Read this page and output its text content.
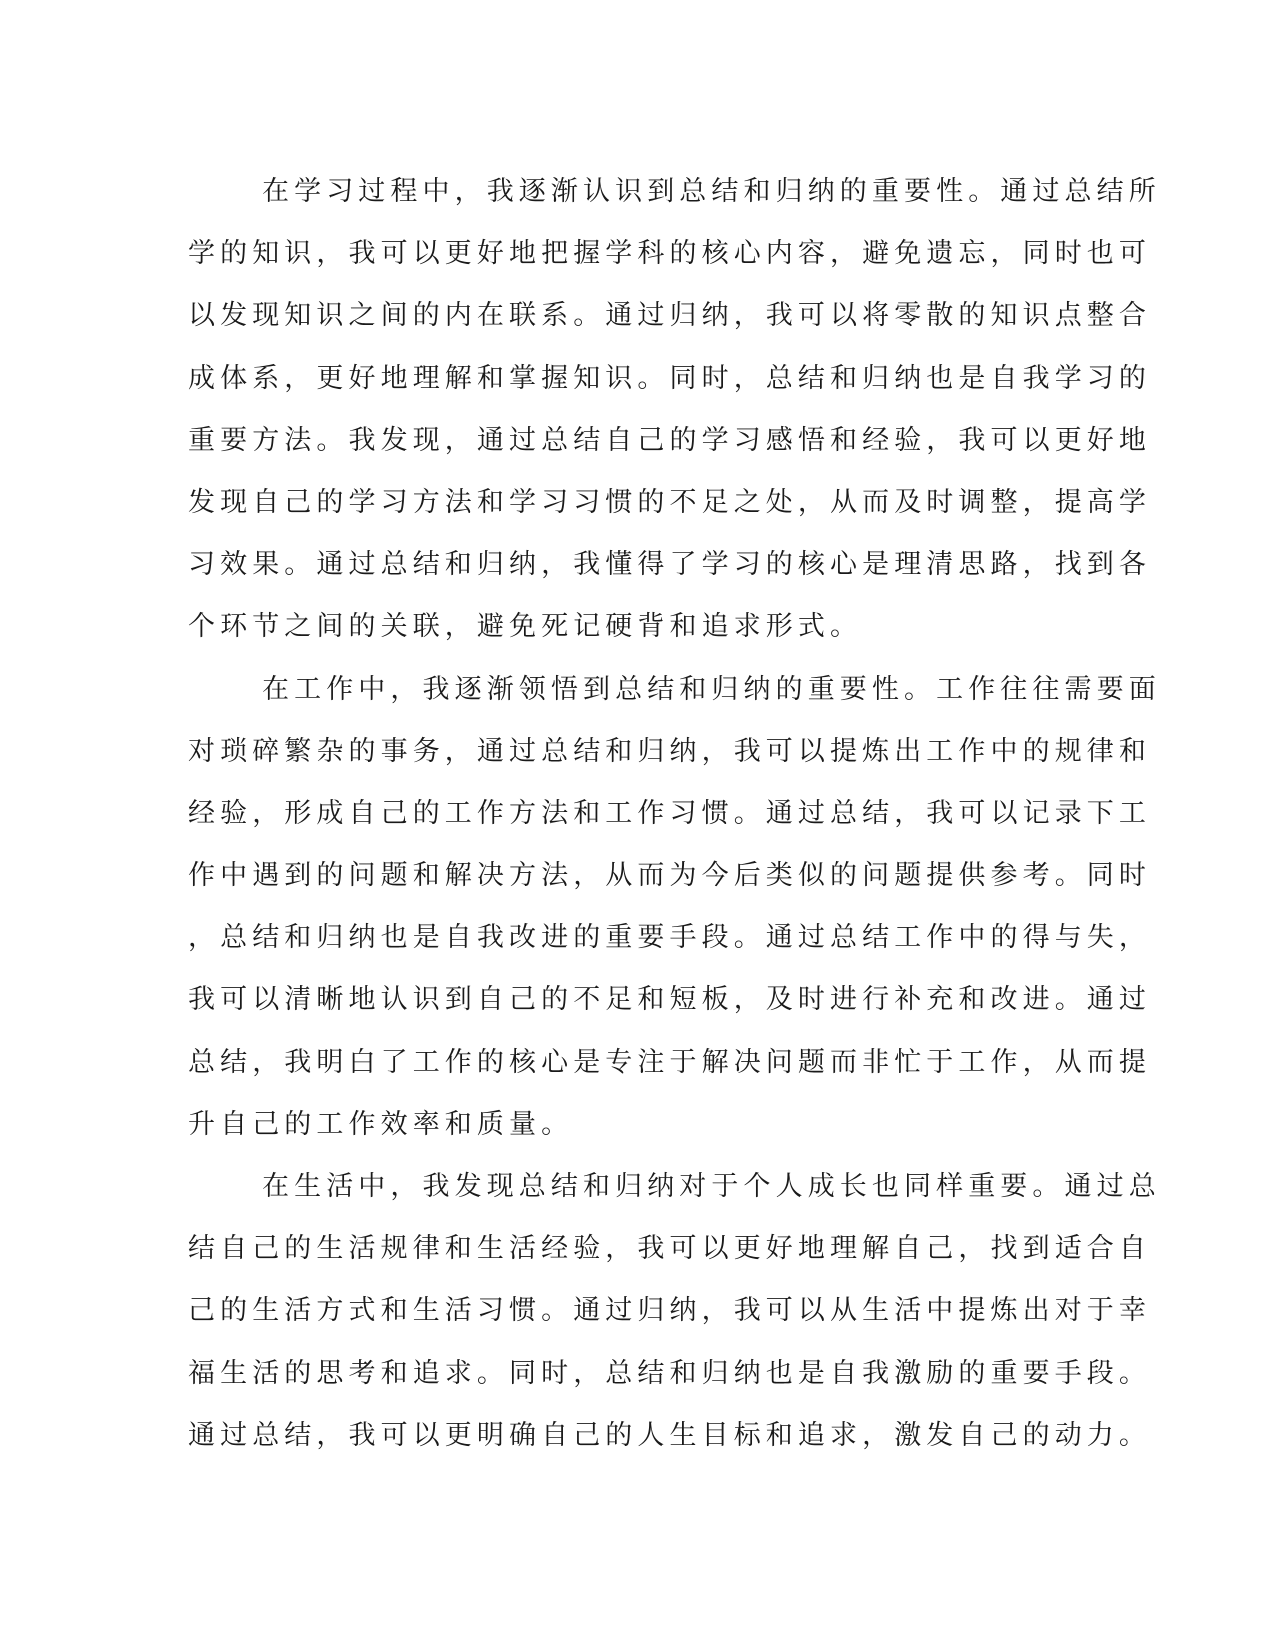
在学习过程中，我逐渐认识到总结和归纳的重要性。通过总结所
学的知识，我可以更好地把握学科的核心内容，避免遗忘，同时也可
以发现知识之间的内在联系。通过归纳，我可以将零散的知识点整合
成体系，更好地理解和掌握知识。同时，总结和归纳也是自我学习的
重要方法。我发现，通过总结自己的学习感悟和经验，我可以更好地
发现自己的学习方法和学习习惯的不足之处，从而及时调整，提高学
习效果。通过总结和归纳，我懂得了学习的核心是理清思路，找到各
个环节之间的关联，避免死记硬背和追求形式。
在工作中，我逐渐领悟到总结和归纳的重要性。工作往往需要面
对琐碎繁杂的事务，通过总结和归纳，我可以提炼出工作中的规律和
经验，形成自己的工作方法和工作习惯。通过总结，我可以记录下工
作中遇到的问题和解决方法，从而为今后类似的问题提供参考。同时
，总结和归纳也是自我改进的重要手段。通过总结工作中的得与失，
我可以清晰地认识到自己的不足和短板，及时进行补充和改进。通过
总结，我明白了工作的核心是专注于解决问题而非忙于工作，从而提
升自己的工作效率和质量。
在生活中，我发现总结和归纳对于个人成长也同样重要。通过总
结自己的生活规律和生活经验，我可以更好地理解自己，找到适合自
己的生活方式和生活习惯。通过归纳，我可以从生活中提炼出对于幸
福生活的思考和追求。同时，总结和归纳也是自我激励的重要手段。
通过总结，我可以更明确自己的人生目标和追求，激发自己的动力。
